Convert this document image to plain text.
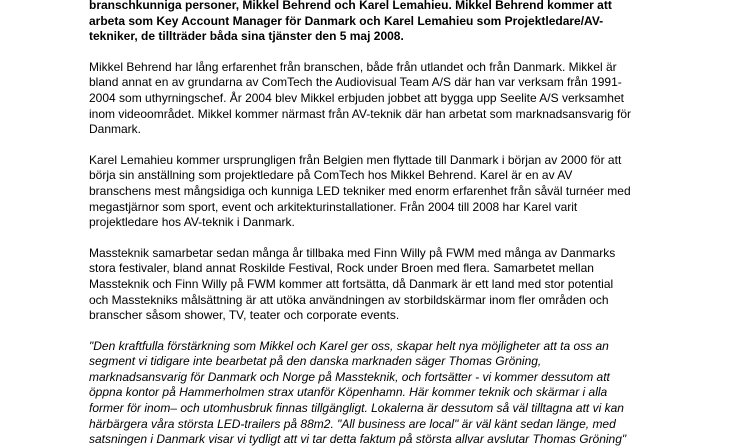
branschkunniga personer, Mikkel Behrend och Karel Lemahieu. Mikkel Behrend kommer att
arbeta som Key Account Manager för Danmark och Karel Lemahieu som Projektledare/AV-
tekniker, de tillträder båda sina tjänster den 5 maj 2008.

Mikkel Behrend har lång erfarenhet från branschen, både från utlandet och från Danmark. Mikkel är
bland annat en av grundarna av ComTech the Audiovisual Team A/S där han var verksam från 1991-
2004 som uthyrningschef. År 2004 blev Mikkel erbjuden jobbet att bygga upp Seelite A/S verksamhet
inom videoområdet. Mikkel kommer närmast från AV-teknik där han arbetat som marknadsansvarig för
Danmark.

Karel Lemahieu kommer ursprungligen från Belgien men flyttade till Danmark i början av 2000 för att
börja sin anställning som projektledare på ComTech hos Mikkel Behrend. Karel är en av AV
branschens mest mångsidiga och kunniga LED tekniker med enorm erfarenhet från såväl turnéer med
megastjärnor som sport, event och arkitekturinstallationer. Från 2004 till 2008 har Karel varit
projektledare hos AV-teknik i Danmark.

Massteknik samarbetar sedan många år tillbaka med Finn Willy på FWM med många av Danmarks
stora festivaler, bland annat Roskilde Festival, Rock under Broen med flera. Samarbetet mellan
Massteknik och Finn Willy på FWM kommer att fortsätta, då Danmark är ett land med stor potential
och Masstekniks målsättning är att utöka användningen av storbildskärmar inom fler områden och
branscher såsom shower, TV, teater och corporate events.

"Den kraftfulla förstärkning som Mikkel och Karel ger oss, skapar helt nya möjligheter att ta oss an
segment vi tidigare inte bearbetat på den danska marknaden säger Thomas Gröning,
marknadsansvarig för Danmark och Norge på Massteknik, och fortsätter - vi kommer dessutom att
öppna kontor på Hammerholmen strax utanför Köpenhamn. Här kommer teknik och skärmar i alla
former för inom– och utomhusbruk finnas tillgängligt. Lokalerna är dessutom så väl tilltagna att vi kan
härbärgera våra största LED-trailers på 88m2. "All business are local" är väl känt sedan länge, med
satsningen i Danmark visar vi tydligt att vi tar detta faktum på största allvar avslutar Thomas Gröning"
